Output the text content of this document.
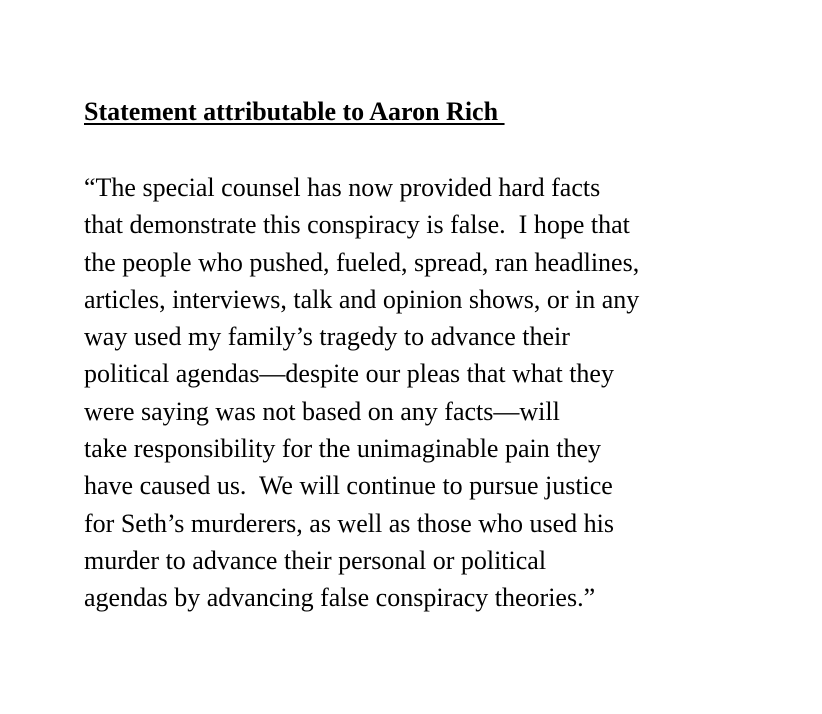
Statement attributable to Aaron Rich
“The special counsel has now provided hard facts
that demonstrate this conspiracy is false.  I hope that
the people who pushed, fueled, spread, ran headlines,
articles, interviews, talk and opinion shows, or in any
way used my family’s tragedy to advance their
political agendas—despite our pleas that what they
were saying was not based on any facts—will
take responsibility for the unimaginable pain they
have caused us.  We will continue to pursue justice
for Seth’s murderers, as well as those who used his
murder to advance their personal or political
agendas by advancing false conspiracy theories.”
